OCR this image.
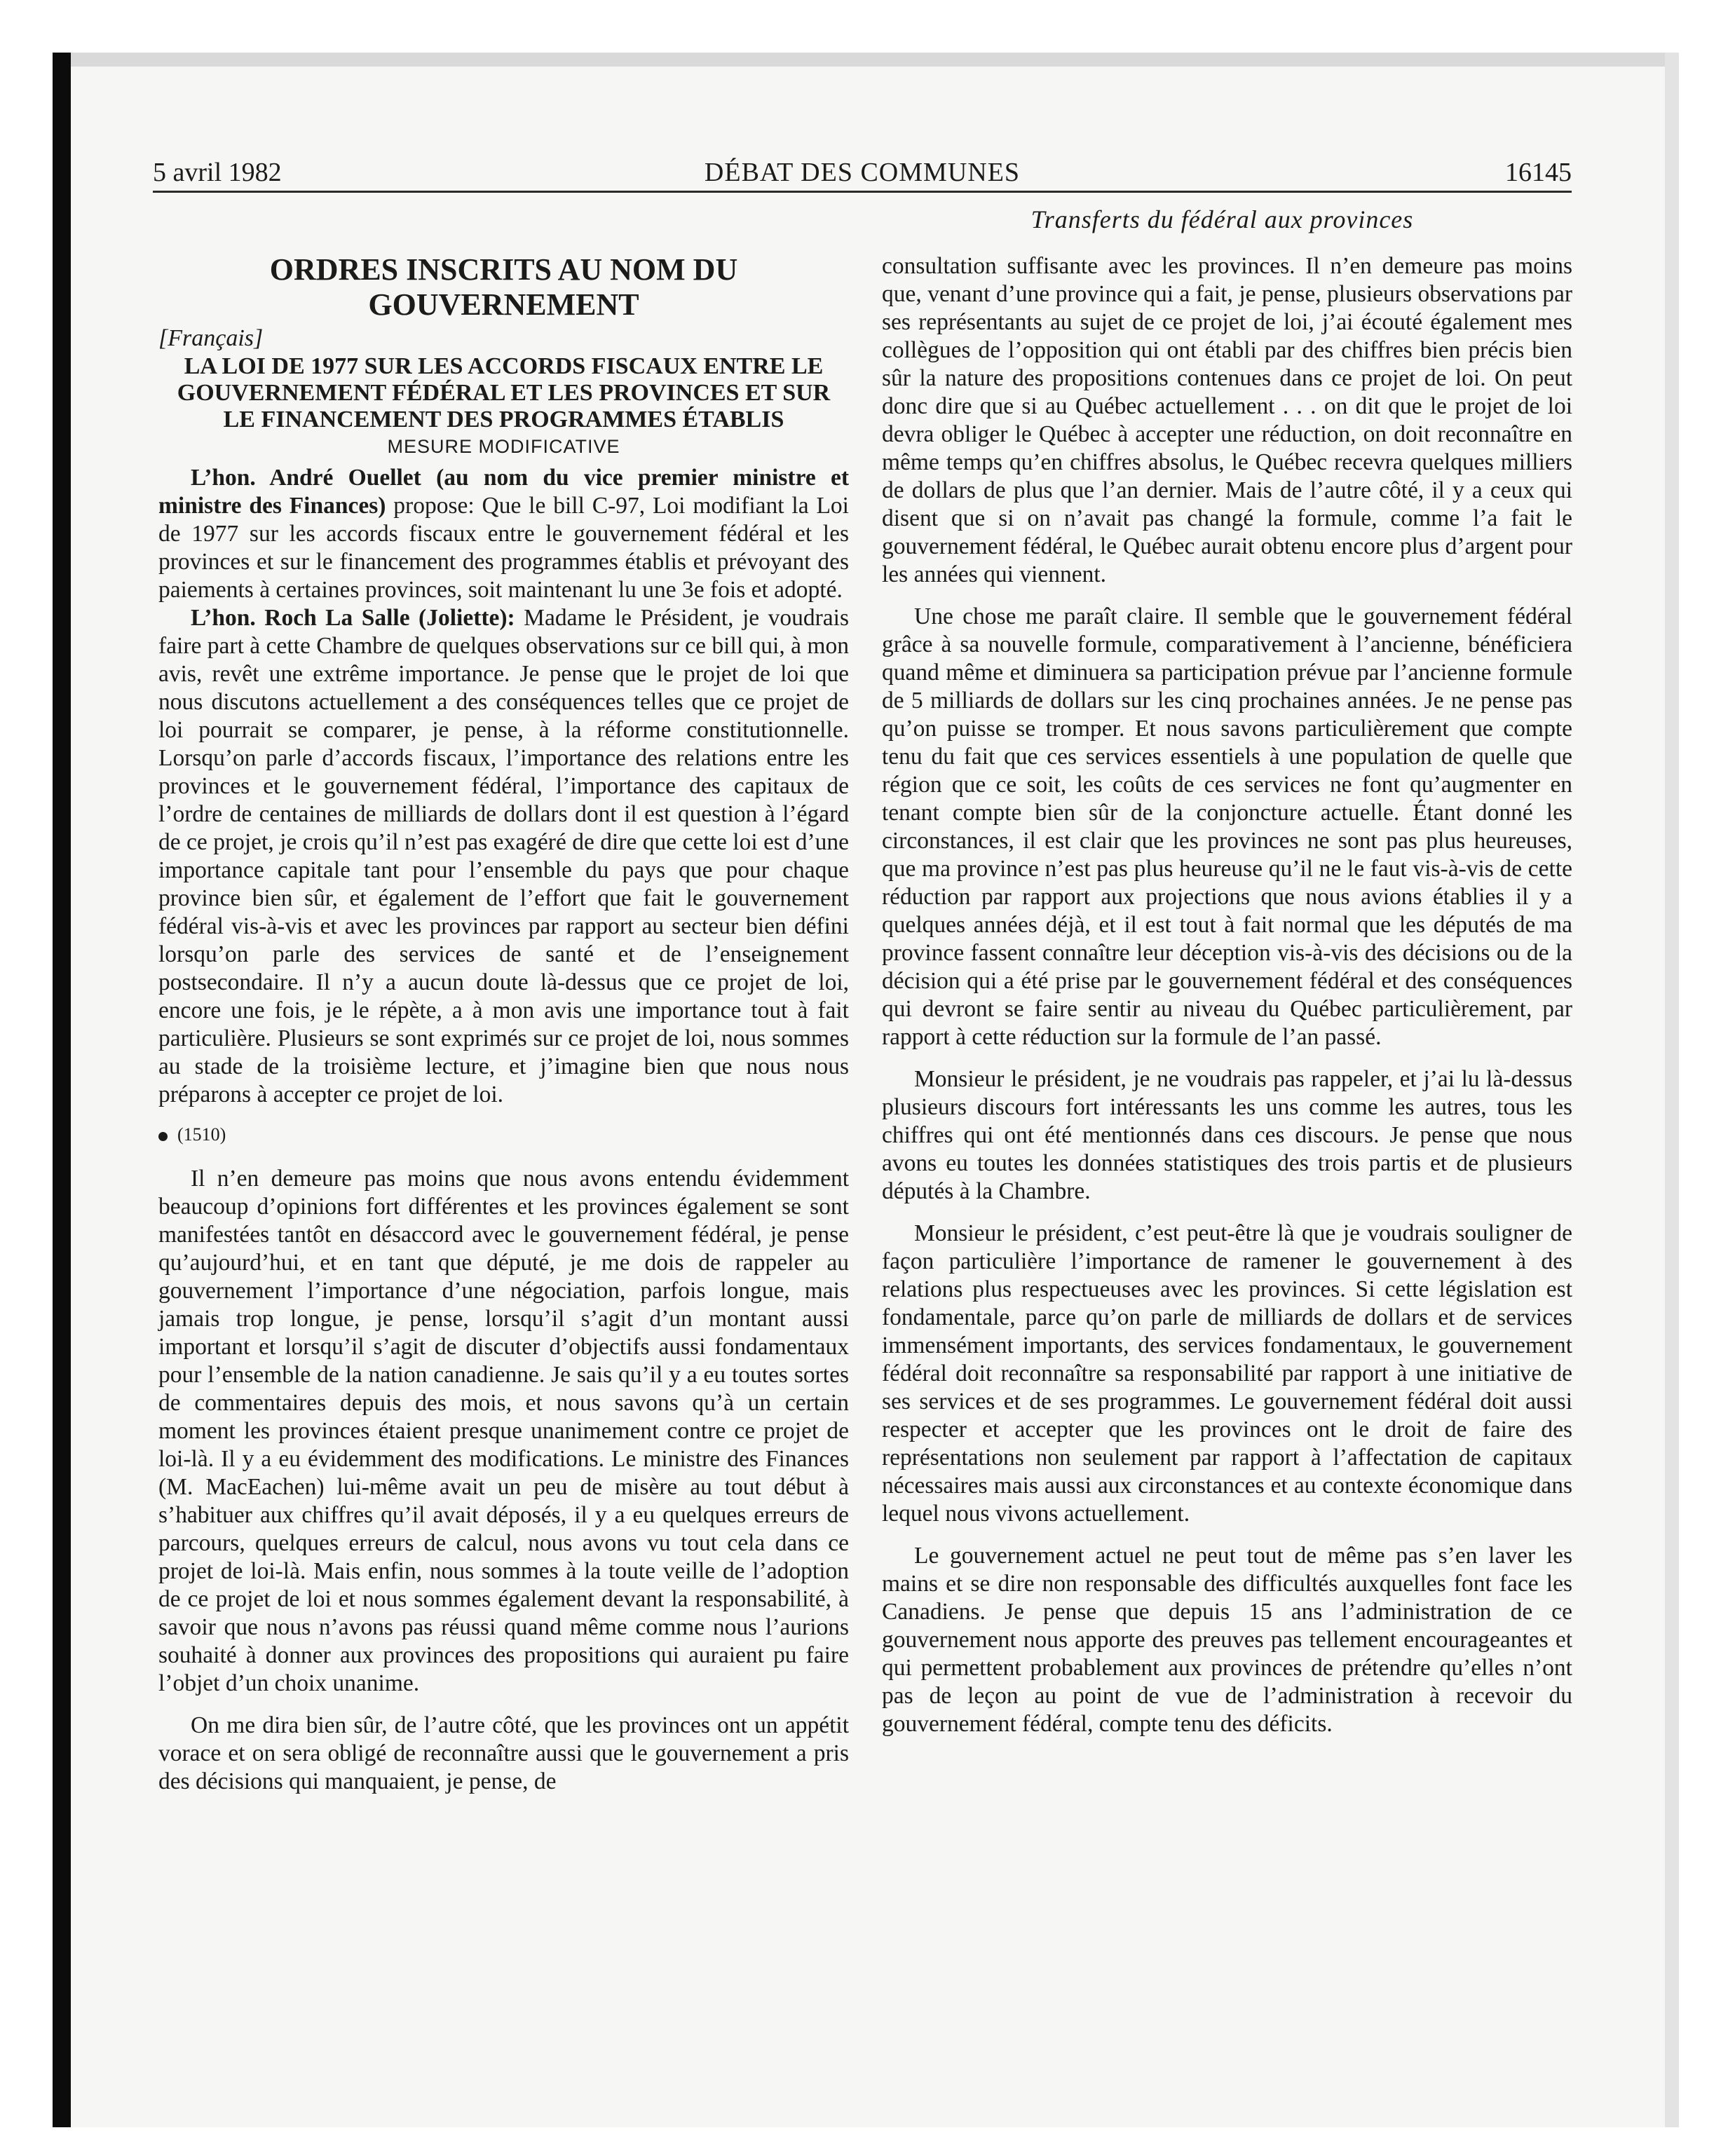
DÉBAT DES COMMUNES
5 avril 1982	16145
Transferts du fédéral aux provinces
ORDRES INSCRITS AU NOM DU GOUVERNEMENT
[Français]
LA LOI DE 1977 SUR LES ACCORDS FISCAUX ENTRE LE GOUVERNEMENT FÉDÉRAL ET LES PROVINCES ET SUR LE FINANCEMENT DES PROGRAMMES ÉTABLIS
MESURE MODIFICATIVE

L’hon. André Ouellet (au nom du vice premier ministre et ministre des Finances) propose: Que le bill C-97, Loi modifiant la Loi de 1977 sur les accords fiscaux entre le gouvernement fédéral et les provinces et sur le financement des programmes établis et prévoyant des paiements à certaines provinces, soit maintenant lu une 3e fois et adopté.

L’hon. Roch La Salle (Joliette): Madame le Président, je voudrais faire part à cette Chambre de quelques observations sur ce bill qui, à mon avis, revêt une extrême importance. Je pense que le projet de loi que nous discutons actuellement a des conséquences telles que ce projet de loi pourrait se comparer, je pense, à la réforme constitutionnelle. Lorsqu’on parle d’accords fiscaux, l’importance des relations entre les provinces et le gouvernement fédéral, l’importance des capitaux de l’ordre de centaines de milliards de dollars dont il est question à l’égard de ce projet, je crois qu’il n’est pas exagéré de dire que cette loi est d’une importance capitale tant pour l’ensemble du pays que pour chaque province bien sûr, et également de l’effort que fait le gouvernement fédéral vis-à-vis et avec les provinces par rapport au secteur bien défini lorsqu’on parle des services de santé et de l’enseignement postsecondaire. Il n’y a aucun doute là-dessus que ce projet de loi, encore une fois, je le répète, a à mon avis une importance tout à fait particulière. Plusieurs se sont exprimés sur ce projet de loi, nous sommes au stade de la troisième lecture, et j’imagine bien que nous nous préparons à accepter ce projet de loi.

(1510)

Il n’en demeure pas moins que nous avons entendu évidemment beaucoup d’opinions fort différentes et les provinces également se sont manifestées tantôt en désaccord avec le gouvernement fédéral, je pense qu’aujourd’hui, et en tant que député, je me dois de rappeler au gouvernement l’importance d’une négociation, parfois longue, mais jamais trop longue, je pense, lorsqu’il s’agit d’un montant aussi important et lorsqu’il s’agit de discuter d’objectifs aussi fondamentaux pour l’ensemble de la nation canadienne. Je sais qu’il y a eu toutes sortes de commentaires depuis des mois, et nous savons qu’à un certain moment les provinces étaient presque unanimement contre ce projet de loi-là. Il y a eu évidemment des modifications. Le ministre des Finances (M. MacEachen) lui-même avait un peu de misère au tout début à s’habituer aux chiffres qu’il avait déposés, il y a eu quelques erreurs de parcours, quelques erreurs de calcul, nous avons vu tout cela dans ce projet de loi-là. Mais enfin, nous sommes à la toute veille de l’adoption de ce projet de loi et nous sommes également devant la responsabilité, à savoir que nous n’avons pas réussi quand même comme nous l’aurions souhaité à donner aux provinces des propositions qui auraient pu faire l’objet d’un choix unanime.

On me dira bien sûr, de l’autre côté, que les provinces ont un appétit vorace et on sera obligé de reconnaître aussi que le gouvernement a pris des décisions qui manquaient, je pense, de

consultation suffisante avec les provinces. Il n’en demeure pas moins que, venant d’une province qui a fait, je pense, plusieurs observations par ses représentants au sujet de ce projet de loi, j’ai écouté également mes collègues de l’opposition qui ont établi par des chiffres bien précis bien sûr la nature des propositions contenues dans ce projet de loi. On peut donc dire que si au Québec actuellement . . . on dit que le projet de loi devra obliger le Québec à accepter une réduction, on doit reconnaître en même temps qu’en chiffres absolus, le Québec recevra quelques milliers de dollars de plus que l’an dernier. Mais de l’autre côté, il y a ceux qui disent que si on n’avait pas changé la formule, comme l’a fait le gouvernement fédéral, le Québec aurait obtenu encore plus d’argent pour les années qui viennent.

Une chose me paraît claire. Il semble que le gouvernement fédéral grâce à sa nouvelle formule, comparativement à l’ancienne, bénéficiera quand même et diminuera sa participation prévue par l’ancienne formule de 5 milliards de dollars sur les cinq prochaines années. Je ne pense pas qu’on puisse se tromper. Et nous savons particulièrement que compte tenu du fait que ces services essentiels à une population de quelle que région que ce soit, les coûts de ces services ne font qu’augmenter en tenant compte bien sûr de la conjoncture actuelle. Étant donné les circonstances, il est clair que les provinces ne sont pas plus heureuses, que ma province n’est pas plus heureuse qu’il ne le faut vis-à-vis de cette réduction par rapport aux projections que nous avions établies il y a quelques années déjà, et il est tout à fait normal que les députés de ma province fassent connaître leur déception vis-à-vis des décisions ou de la décision qui a été prise par le gouvernement fédéral et des conséquences qui devront se faire sentir au niveau du Québec particulièrement, par rapport à cette réduction sur la formule de l’an passé.

Monsieur le président, je ne voudrais pas rappeler, et j’ai lu là-dessus plusieurs discours fort intéressants les uns comme les autres, tous les chiffres qui ont été mentionnés dans ces discours. Je pense que nous avons eu toutes les données statistiques des trois partis et de plusieurs députés à la Chambre.

Monsieur le président, c’est peut-être là que je voudrais souligner de façon particulière l’importance de ramener le gouvernement à des relations plus respectueuses avec les provinces. Si cette législation est fondamentale, parce qu’on parle de milliards de dollars et de services immensément importants, des services fondamentaux, le gouvernement fédéral doit reconnaître sa responsabilité par rapport à une initiative de ses services et de ses programmes. Le gouvernement fédéral doit aussi respecter et accepter que les provinces ont le droit de faire des représentations non seulement par rapport à l’affectation de capitaux nécessaires mais aussi aux circonstances et au contexte économique dans lequel nous vivons actuellement.

Le gouvernement actuel ne peut tout de même pas s’en laver les mains et se dire non responsable des difficultés auxquelles font face les Canadiens. Je pense que depuis 15 ans l’administration de ce gouvernement nous apporte des preuves pas tellement encourageantes et qui permettent probablement aux provinces de prétendre qu’elles n’ont pas de leçon au point de vue de l’administration à recevoir du gouvernement fédéral, compte tenu des déficits.
